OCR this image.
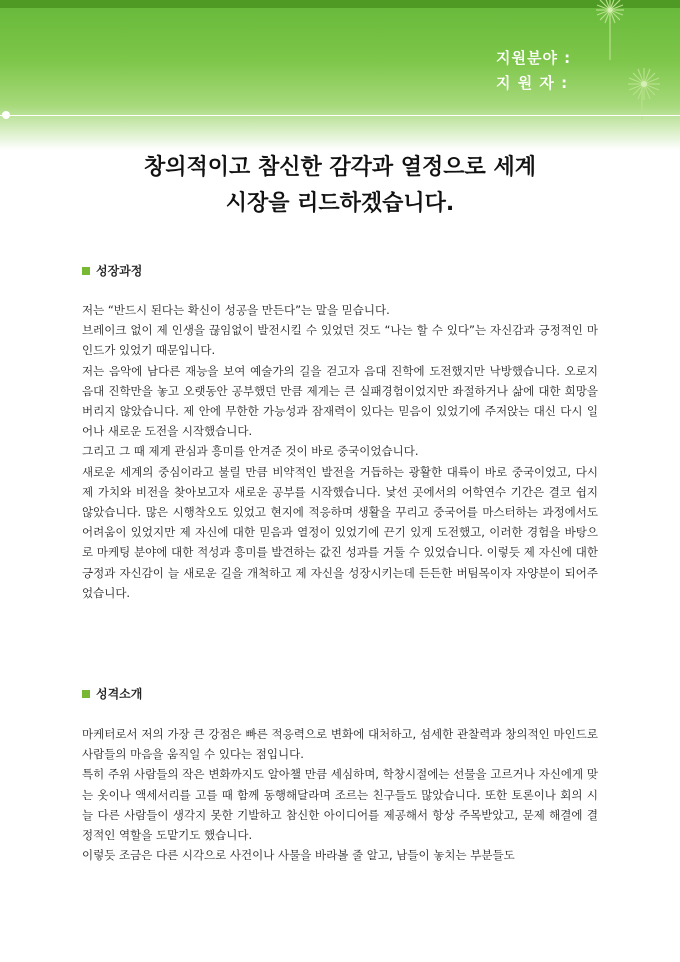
지원분야 :
지 원 자 :
창의적이고 참신한 감각과 열정으로 세계
시장을 리드하겠습니다.
성장과정

저는 “반드시 된다는 확신이 성공을 만든다”는 말을 믿습니다.

브레이크 없이 제 인생을 끊임없이 발전시킬 수 있었던 것도 “나는 할 수 있다”는 자신감과 긍정적인 마인드가 있었기 때문입니다.

저는 음악에 남다른 재능을 보여 예술가의 길을 걷고자 음대 진학에 도전했지만 낙방했습니다. 오로지 음대 진학만을 놓고 오랫동안 공부했던 만큼 제게는 큰 실패경험이었지만 좌절하거나 삶에 대한 희망을 버리지 않았습니다. 제 안에 무한한 가능성과 잠재력이 있다는 믿음이 있었기에 주저앉는 대신 다시 일어나 새로운 도전을 시작했습니다.

그리고 그 때 제게 관심과 흥미를 안겨준 것이 바로 중국이었습니다.

새로운 세계의 중심이라고 불릴 만큼 비약적인 발전을 거듭하는 광활한 대륙이 바로 중국이었고, 다시 제 가치와 비전을 찾아보고자 새로운 공부를 시작했습니다. 낯선 곳에서의 어학연수 기간은 결코 쉽지 않았습니다. 많은 시행착오도 있었고 현지에 적응하며 생활을 꾸리고 중국어를 마스터하는 과정에서도 어려움이 있었지만 제 자신에 대한 믿음과 열정이 있었기에 끈기 있게 도전했고, 이러한 경험을 바탕으로 마케팅 분야에 대한 적성과 흥미를 발견하는 값진 성과를 거둘 수 있었습니다. 이렇듯 제 자신에 대한 긍정과 자신감이 늘 새로운 길을 개척하고 제 자신을 성장시키는데 든든한 버팀목이자 자양분이 되어주었습니다.

성격소개

마케터로서 저의 가장 큰 강점은 빠른 적응력으로 변화에 대처하고, 섬세한 관찰력과 창의적인 마인드로 사람들의 마음을 움직일 수 있다는 점입니다.

특히 주위 사람들의 작은 변화까지도 알아챌 만큼 세심하며, 학창시절에는 선물을 고르거나 자신에게 맞는 옷이나 액세서리를 고를 때 함께 동행해달라며 조르는 친구들도 많았습니다. 또한 토론이나 회의 시 늘 다른 사람들이 생각지 못한 기발하고 참신한 아이디어를 제공해서 항상 주목받았고, 문제 해결에 결정적인 역할을 도맡기도 했습니다.

이렇듯 조금은 다른 시각으로 사건이나 사물을 바라볼 줄 알고, 남들이 놓치는 부분들도
